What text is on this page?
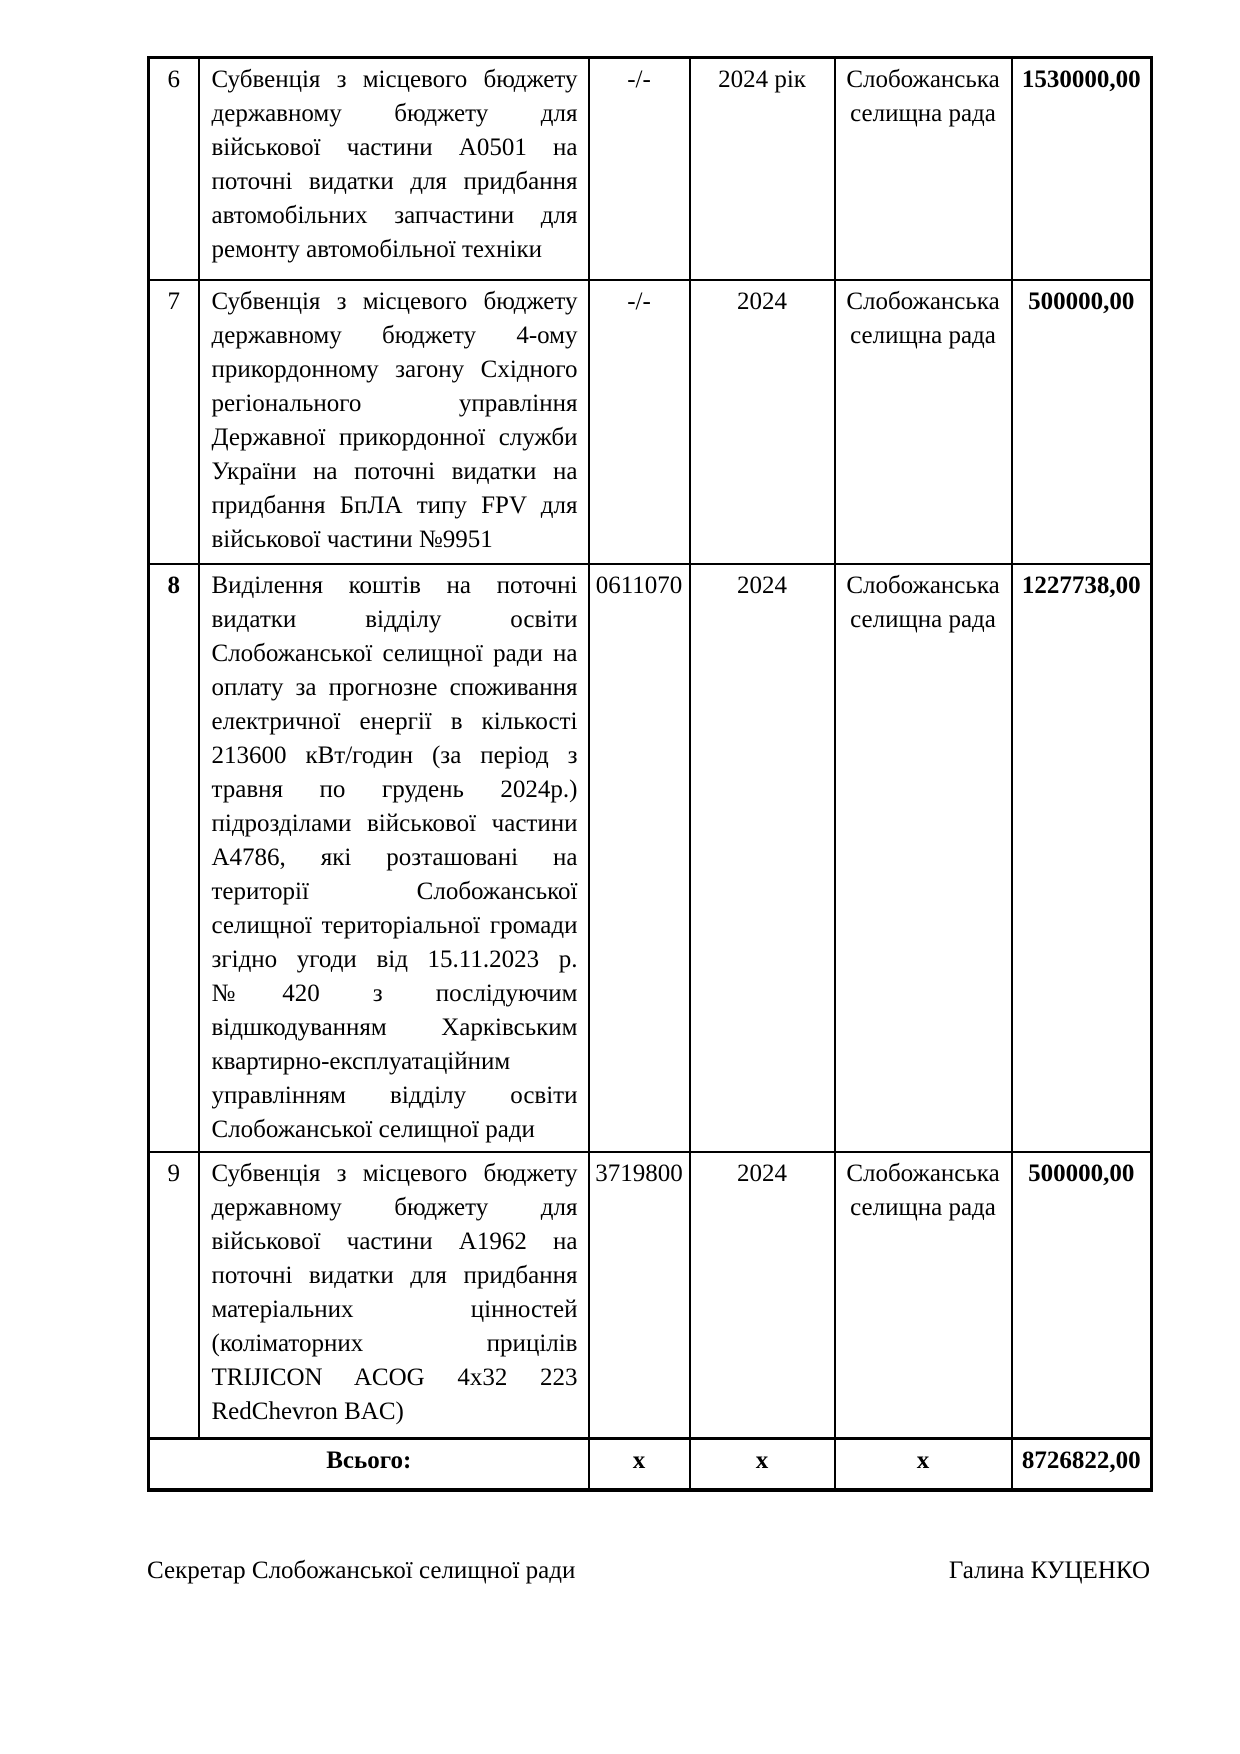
6	Субвенція з місцевого бюджету державному бюджету для військової частини А0501 на поточні видатки для придбання автомобільних запчастини для ремонту автомобільної техніки	-/-	2024 рік	Слобожанська селищна рада	1530000,00
7	Субвенція з місцевого бюджету державному бюджету 4-ому прикордонному загону Східного регіонального управління Державної прикордонної служби України на поточні видатки на придбання БпЛА типу FPV для військової частини №9951	-/-	2024	Слобожанська селищна рада	500000,00
8	Виділення коштів на поточні видатки відділу освіти Слобожанської селищної ради на оплату за прогнозне споживання електричної енергії в кількості 213600 кВт/годин (за період з травня по грудень 2024р.) підрозділами військової частини А4786, які розташовані на території Слобожанської селищної територіальної громади згідно угоди від 15.11.2023 р.№420 з послідуючим відшкодуванням Харківським квартирно-експлуатаційним управлінням відділу освіти Слобожанської селищної ради	0611070	2024	Слобожанська селищна рада	1227738,00
9	Субвенція з місцевого бюджету державному бюджету для військової частини А1962 на поточні видатки для придбання матеріальних цінностей (коліматорних прицілів TRIJICON ACOG 4x32 223 RedChevron BAC)	3719800	2024	Слобожанська селищна рада	500000,00
Всього:		х	х	х	8726822,00
Секретар Слобожанської селищної ради	Галина КУЦЕНКО
